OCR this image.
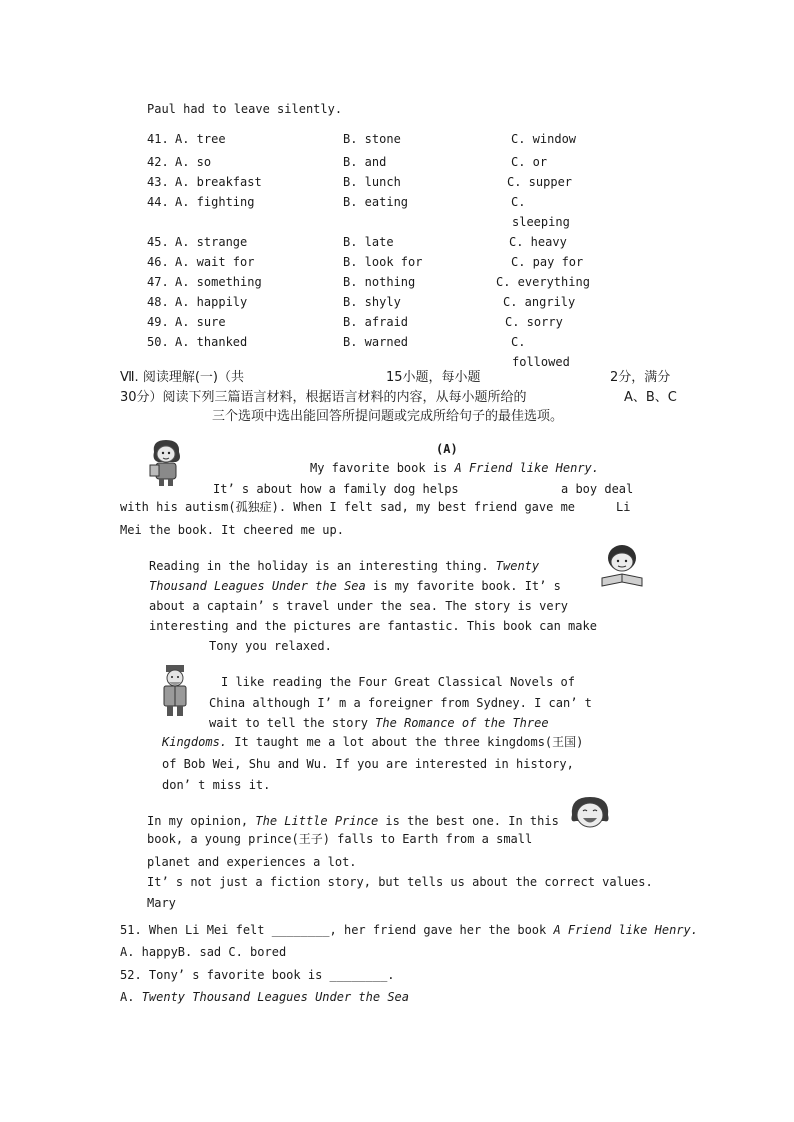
Paul had to leave silently.
41. A. tree	B. stone	C. window
42. A. so	B. and	C. or
43. A. breakfast	B. lunch	C. supper
44. A. fighting	B. eating	C.
sleeping
45. A. strange	B. late	C. heavy
46. A. wait for	B. look for	C. pay for
47. A. something	B. nothing	C. everything
48. A. happily	B. shyly	C. angrily
49. A. sure	B. afraid	C. sorry
50. A. thanked	B. warned	C.
followed
Ⅶ. 阅读理解(一)（共	15小题，每小题	2分，满分
30分）阅读下列三篇语言材料，根据语言材料的内容，从每小题所给的	A、B、C
三个选项中选出能回答所提问题或完成所给句子的最佳选项。
(A)
My favorite book is A Friend like Henry.
It’ s about how a family dog helps	a boy deal
with his autism(孤独症). When I felt sad, my best friend gave me	Li
Mei the book. It cheered me up.
Reading in the holiday is an interesting thing. Twenty
Thousand Leagues Under the Sea is my favorite book. It’ s
about a captain’ s travel under the sea. The story is very
interesting and the pictures are fantastic. This book can make
Tony you relaxed.
I like reading the Four Great Classical Novels of
China although I’ m a foreigner from Sydney. I can’ t
wait to tell the story The Romance of the Three
Kingdoms. It taught me a lot about the three kingdoms(王国)
of Bob Wei, Shu and Wu. If you are interested in history,
don’ t miss it.
In my opinion, The Little Prince is the best one. In this
book, a young prince(王子) falls to Earth from a small
planet and experiences a lot.
It’ s not just a fiction story, but tells us about the correct values.
Mary
51. When Li Mei felt ________, her friend gave her the book A Friend like Henry.
A. happyB. sad C. bored
52. Tony’ s favorite book is ________.
A. Twenty Thousand Leagues Under the Sea
